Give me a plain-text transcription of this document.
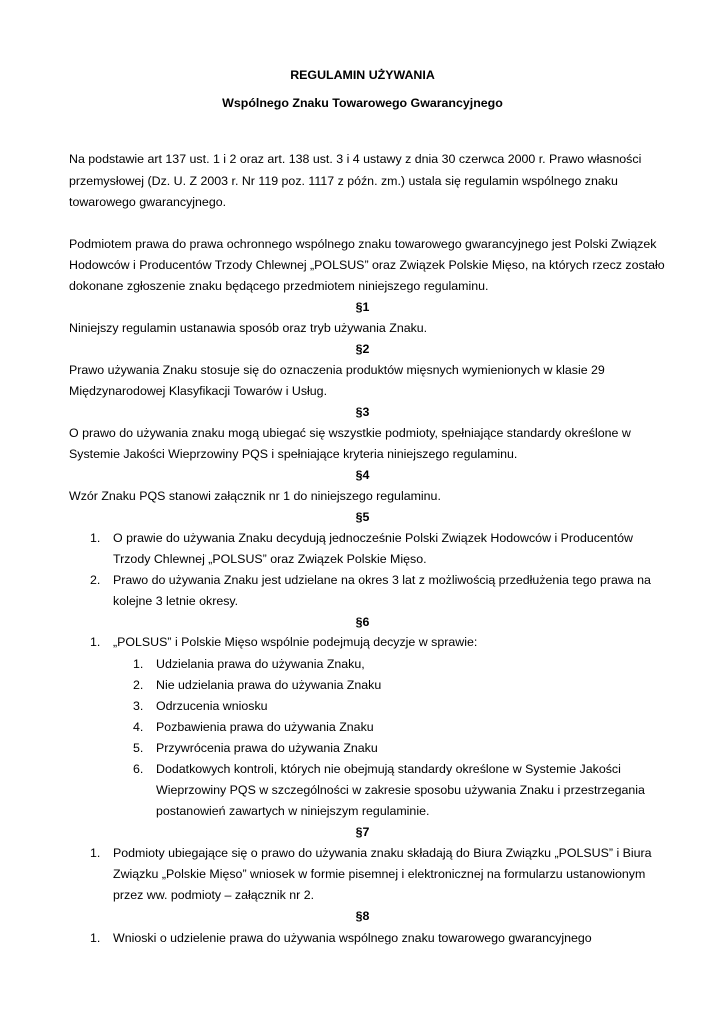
REGULAMIN UŻYWANIA
Wspólnego Znaku Towarowego Gwarancyjnego
Na podstawie art 137 ust. 1 i 2 oraz art. 138 ust. 3 i 4 ustawy z dnia 30 czerwca 2000 r. Prawo własności
przemysłowej (Dz. U. Z 2003 r. Nr 119 poz. 1117 z późn. zm.) ustala się regulamin wspólnego znaku
towarowego gwarancyjnego.
Podmiotem prawa do prawa ochronnego wspólnego znaku towarowego gwarancyjnego jest Polski Związek
Hodowców i Producentów Trzody Chlewnej „POLSUS” oraz Związek Polskie Mięso, na których rzecz zostało
dokonane zgłoszenie znaku będącego przedmiotem niniejszego regulaminu.
§1
Niniejszy regulamin ustanawia sposób oraz tryb używania Znaku.
§2
Prawo używania Znaku stosuje się do oznaczenia produktów mięsnych wymienionych w klasie 29
Międzynarodowej Klasyfikacji Towarów i Usług.
§3
O prawo do używania znaku mogą ubiegać się wszystkie podmioty, spełniające standardy określone w
Systemie Jakości Wieprzowiny PQS i spełniające kryteria niniejszego regulaminu.
§4
Wzór Znaku PQS stanowi załącznik nr 1 do niniejszego regulaminu.
§5
1. O prawie do używania Znaku decydują jednocześnie Polski Związek Hodowców i Producentów
Trzody Chlewnej „POLSUS” oraz Związek Polskie Mięso.
2. Prawo do używania Znaku jest udzielane na okres 3 lat z możliwością przedłużenia tego prawa na
kolejne 3 letnie okresy.
§6
1. „POLSUS” i Polskie Mięso wspólnie podejmują decyzje w sprawie:
1. Udzielania prawa do używania Znaku,
2. Nie udzielania prawa do używania Znaku
3. Odrzucenia wniosku
4. Pozbawienia prawa do używania Znaku
5. Przywrócenia prawa do używania Znaku
6. Dodatkowych kontroli, których nie obejmują standardy określone w Systemie Jakości
Wieprzowiny PQS w szczególności w zakresie sposobu używania Znaku i przestrzegania
postanowień zawartych w niniejszym regulaminie.
§7
1. Podmioty ubiegające się o prawo do używania znaku składają do Biura Związku „POLSUS” i Biura
Związku „Polskie Mięso” wniosek w formie pisemnej i elektronicznej na formularzu ustanowionym
przez ww. podmioty – załącznik nr 2.
§8
1. Wnioski o udzielenie prawa do używania wspólnego znaku towarowego gwarancyjnego
